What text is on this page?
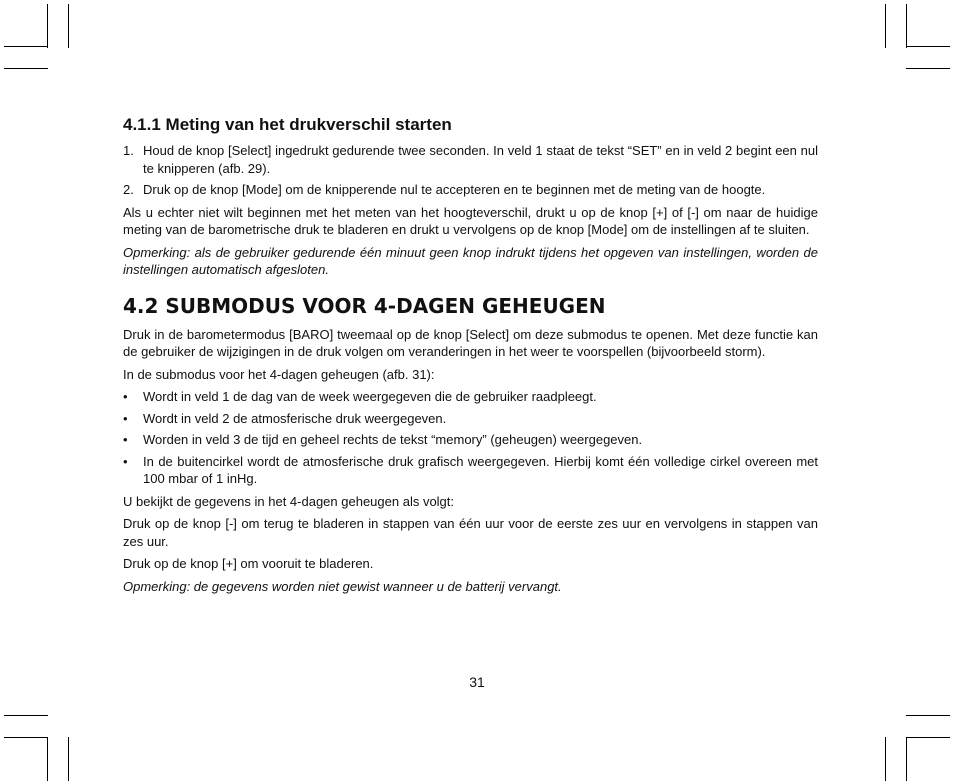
4.1.1 Meting van het drukverschil starten
1. Houd de knop [Select] ingedrukt gedurende twee seconden. In veld 1 staat de tekst “SET” en in veld 2 begint een nul te knipperen (afb. 29).
2. Druk op de knop [Mode] om de knipperende nul te accepteren en te beginnen met de meting van de hoogte.

Als u echter niet wilt beginnen met het meten van het hoogteverschil, drukt u op de knop [+] of [-] om naar de huidige meting van de barometrische druk te bladeren en drukt u vervolgens op de knop [Mode] om de instellingen af te sluiten.

Opmerking: als de gebruiker gedurende één minuut geen knop indrukt tijdens het opgeven van instellingen, worden de instellingen automatisch afgesloten.

4.2 SUBMODUS VOOR 4-DAGEN GEHEUGEN

Druk in de barometermodus [BARO] tweemaal op de knop [Select] om deze submodus te openen. Met deze functie kan de gebruiker de wijzigingen in de druk volgen om veranderingen in het weer te voorspellen (bijvoorbeeld storm).

In de submodus voor het 4-dagen geheugen (afb. 31):

• Wordt in veld 1 de dag van de week weergegeven die de gebruiker raadpleegt.
• Wordt in veld 2 de atmosferische druk weergegeven.
• Worden in veld 3 de tijd en geheel rechts de tekst “memory” (geheugen) weergegeven.
• In de buitencirkel wordt de atmosferische druk grafisch weergegeven. Hierbij komt één volledige cirkel overeen met 100 mbar of 1 inHg.

U bekijkt de gegevens in het 4-dagen geheugen als volgt:

Druk op de knop [-] om terug te bladeren in stappen van één uur voor de eerste zes uur en vervolgens in stappen van zes uur.

Druk op de knop [+] om vooruit te bladeren.

Opmerking: de gegevens worden niet gewist wanneer u de batterij vervangt.

31
